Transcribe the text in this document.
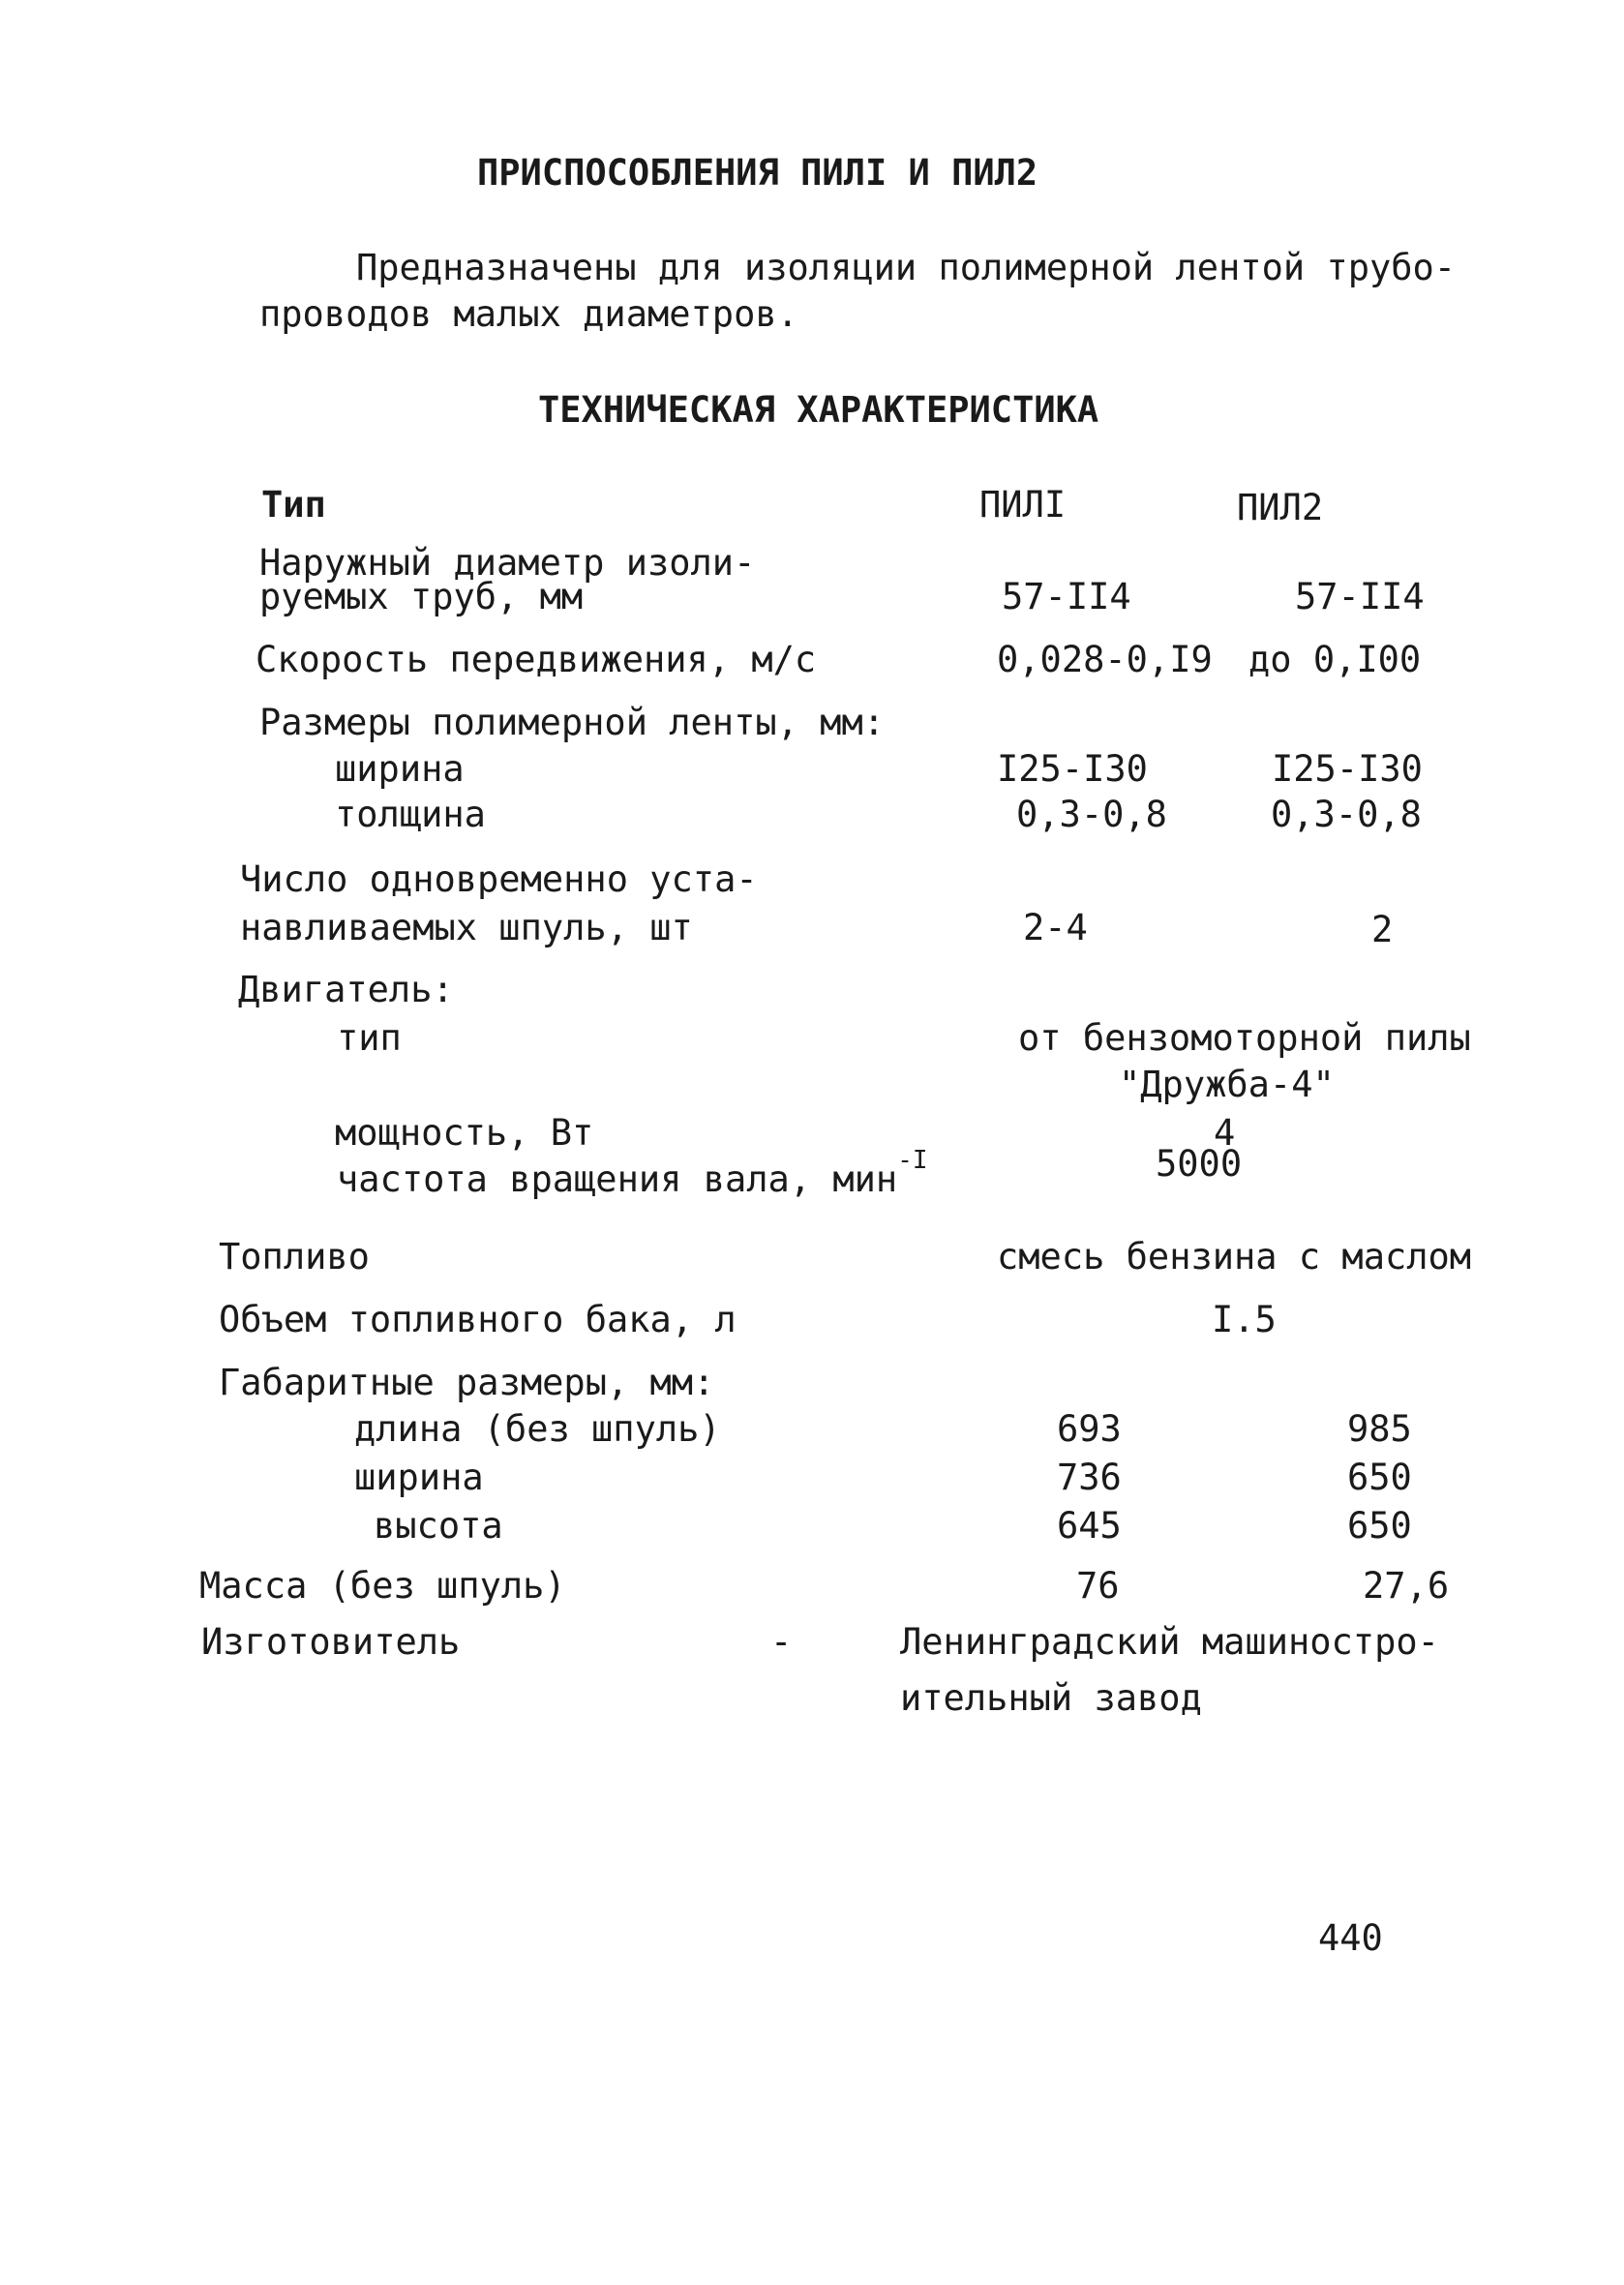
ПРИСПОСОБЛЕНИЯ ПИЛI И ПИЛ2
Предназначены для изоляции полимерной лентой трубо-
проводов малых диаметров.
ТЕХНИЧЕСКАЯ ХАРАКТЕРИСТИКА
Тип	ПИЛI	ПИЛ2
Наружный диаметр изоли-
руемых труб, мм	57-II4	57-II4
Скорость передвижения, м/с	0,028-0,I9 до 0,I00
Размеры полимерной ленты, мм:
ширина	I25-I30	I25-I30
толщина	0,3-0,8	0,3-0,8
Число одновременно уста-
навливаемых шпуль, шт	2-4	2
Двигатель:
тип	от бензомоторной пилы
"Дружба-4"
мощность, Вт	4
частота вращения вала, мин$^{-I}$	5000
Топливо	смесь бензина с маслом
Объем топливного бака, л	I.5
Габаритные размеры, мм:
длина (без шпуль)	693	985
ширина	736	650
высота	645	650
Масса (без шпуль)	76	27,6
Изготовитель	-	Ленинградский машиностро-
ительный завод
440
